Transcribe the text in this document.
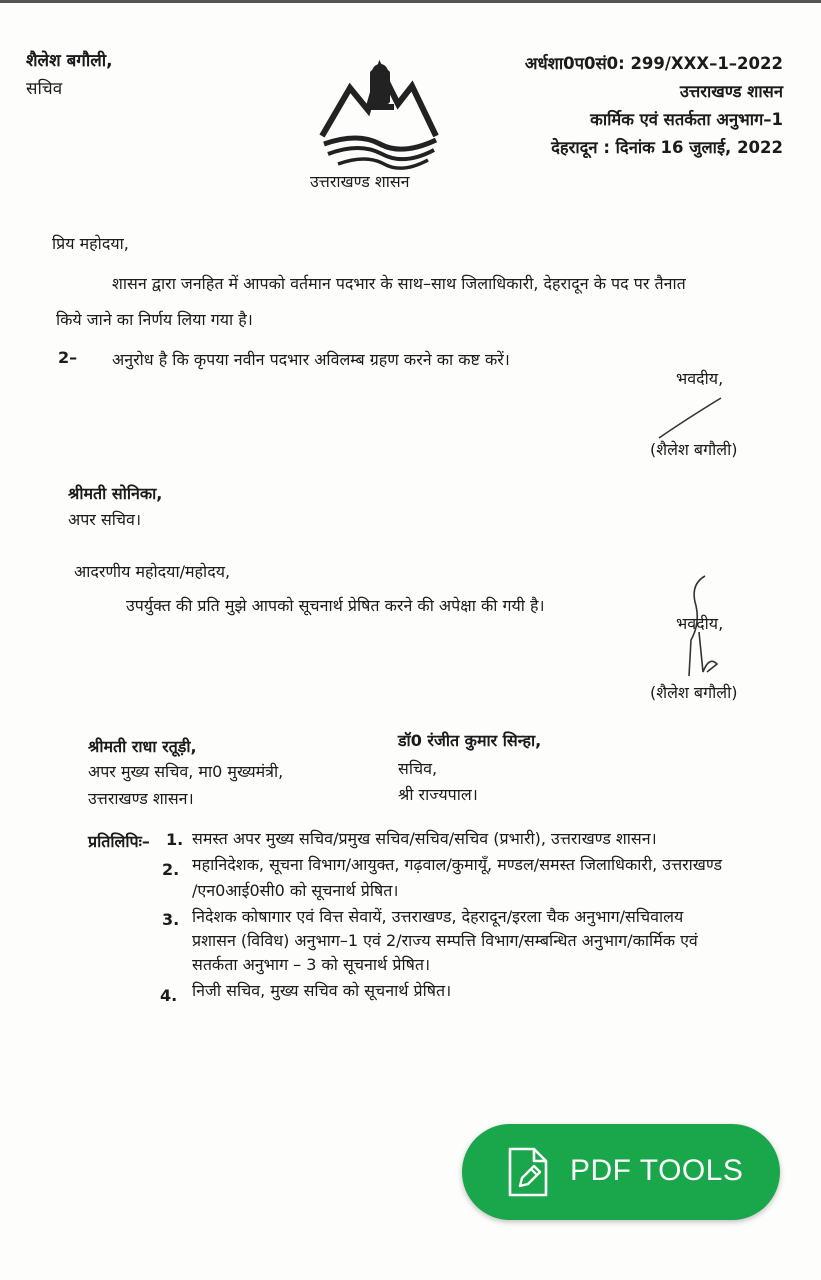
शैलेश बगौली,
सचिव
उत्तराखण्ड शासन
अर्धशा0प0सं0: 299/XXX–1–2022
उत्तराखण्ड शासन
कार्मिक एवं सतर्कता अनुभाग–1
देहरादून : दिनांक 16 जुलाई, 2022
प्रिय महोदया,
शासन द्वारा जनहित में आपको वर्तमान पदभार के साथ–साथ जिलाधिकारी, देहरादून के पद पर तैनात
किये जाने का निर्णय लिया गया है।
2– अनुरोध है कि कृपया नवीन पदभार अविलम्ब ग्रहण करने का कष्ट करें।
भवदीय,
(शैलेश बगौली)
श्रीमती सोनिका,
अपर सचिव।
आदरणीय महोदया/महोदय,
उपर्युक्त की प्रति मुझे आपको सूचनार्थ प्रेषित करने की अपेक्षा की गयी है।
भवदीय,
(शैलेश बगौली)
श्रीमती राधा रतूड़ी,
अपर मुख्य सचिव, मा0 मुख्यमंत्री,
उत्तराखण्ड शासन।
डॉ0 रंजीत कुमार सिन्हा,
सचिव,
श्री राज्यपाल।
प्रतिलिपिः– 1. समस्त अपर मुख्य सचिव/प्रमुख सचिव/सचिव/सचिव (प्रभारी), उत्तराखण्ड शासन।
2. महानिदेशक, सूचना विभाग/आयुक्त, गढ़वाल/कुमायूँ, मण्डल/समस्त जिलाधिकारी, उत्तराखण्ड
/एन0आई0सी0 को सूचनार्थ प्रेषित।
3. निदेशक कोषागार एवं वित्त सेवायें, उत्तराखण्ड, देहरादून/इरला चैक अनुभाग/सचिवालय
प्रशासन (विविध) अनुभाग–1 एवं 2/राज्य सम्पत्ति विभाग/सम्बन्धित अनुभाग/कार्मिक एवं
सतर्कता अनुभाग – 3 को सूचनार्थ प्रेषित।
4. निजी सचिव, मुख्य सचिव को सूचनार्थ प्रेषित।
PDF TOOLS
